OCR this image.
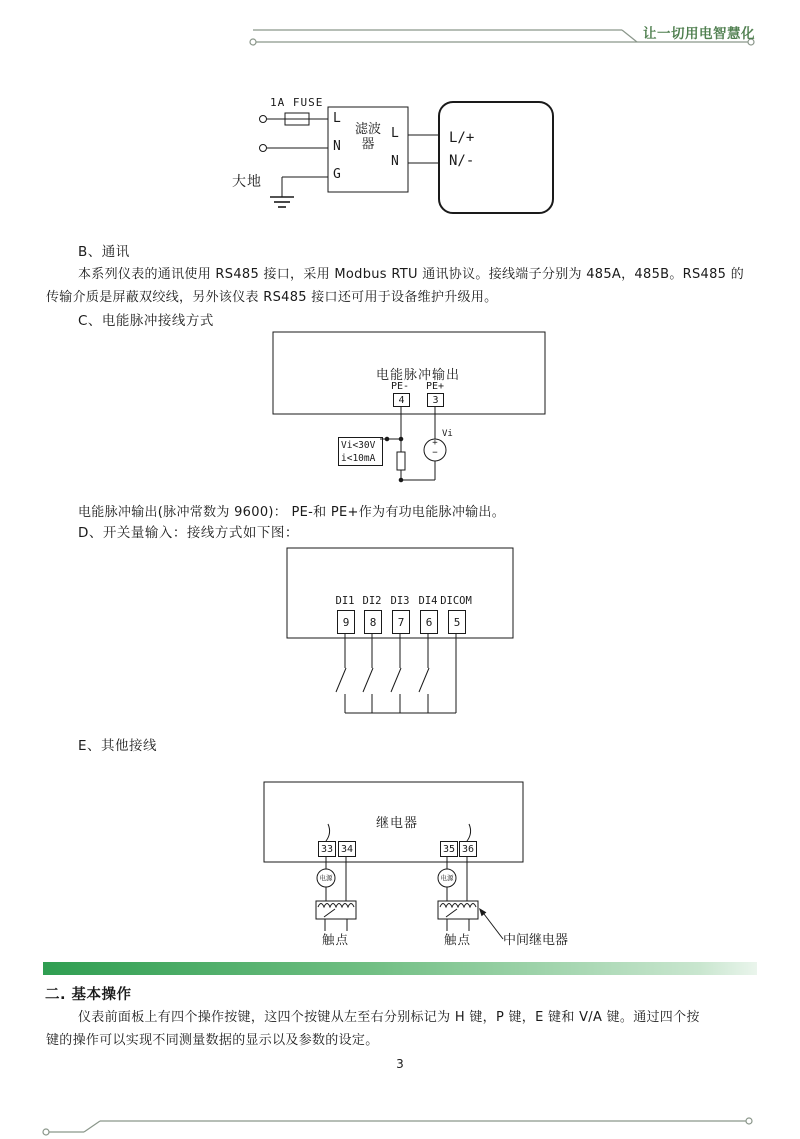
让一切用电智慧化
1A FUSE
L
N
G
滤波
器
L
N
L/+
N/-
大地
B、通讯
本系列仪表的通讯使用 RS485 接口，采用 Modbus RTU 通讯协议。接线端子分别为 485A，485B。RS485 的
传输介质是屏蔽双绞线，另外该仪表 RS485 接口还可用于设备维护升级用。
C、电能脉冲接线方式
电能脉冲输出
PE- PE+
4	3
Vi<30V
i<10mA
+
−
Vi
电能脉冲输出(脉冲常数为 9600)： PE-和 PE+作为有功电能脉冲输出。
D、开关量输入：接线方式如下图：
DI1 DI2 DI3 DI4 DICOM
9	8	7	6	5
E、其他接线
继电器
33 34	35 36
电源	电源
触点	触点 中间继电器
二. 基本操作
仪表前面板上有四个操作按键，这四个按键从左至右分别标记为 H 键，P 键，E 键和 V/A 键。通过四个按
键的操作可以实现不同测量数据的显示以及参数的设定。
3
